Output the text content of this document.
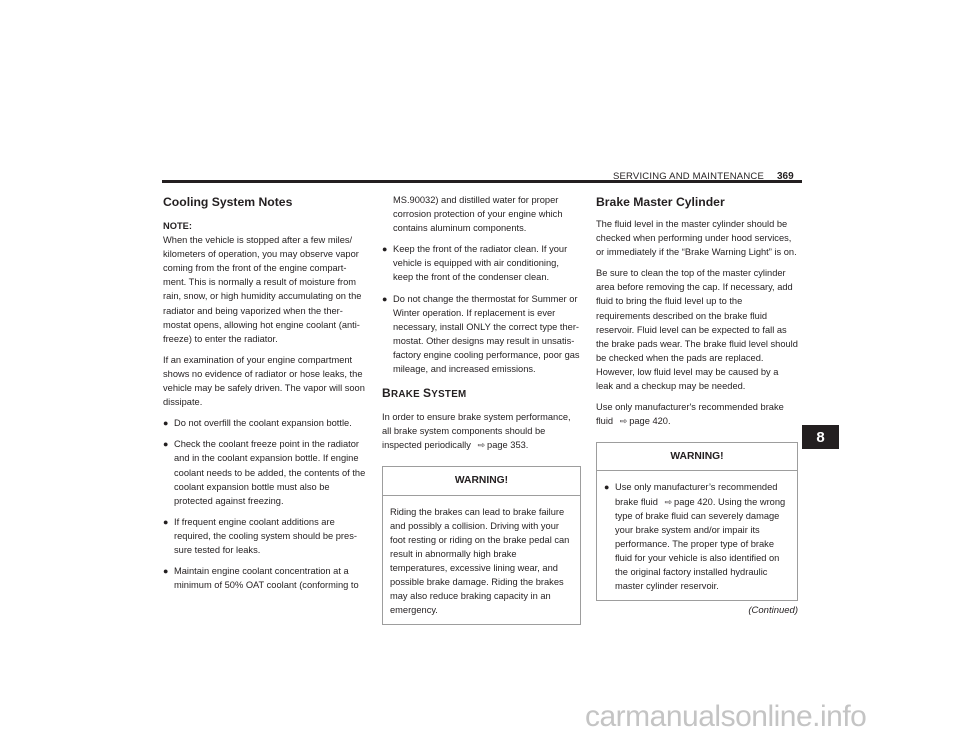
SERVICING AND MAINTENANCE 369
8
Cooling System Notes
NOTE:

When the vehicle is stopped after a few miles/ kilometers of operation, you may observe vapor coming from the front of the engine compart-ment. This is normally a result of moisture from rain, snow, or high humidity accumulating on the radiator and being vaporized when the ther-mostat opens, allowing hot engine coolant (anti-freeze) to enter the radiator.

If an examination of your engine compartment shows no evidence of radiator or hose leaks, the vehicle may be safely driven. The vapor will soon dissipate.

● Do not overfill the coolant expansion bottle.
● Check the coolant freeze point in the radiator and in the coolant expansion bottle. If engine coolant needs to be added, the contents of the coolant expansion bottle must also be protected against freezing.
● If frequent engine coolant additions are required, the cooling system should be pres-sure tested for leaks.
● Maintain engine coolant concentration at a minimum of 50% OAT coolant (conforming to
MS.90032) and distilled water for proper corrosion protection of your engine which contains aluminum components.
● Keep the front of the radiator clean. If your vehicle is equipped with air conditioning, keep the front of the condenser clean.
● Do not change the thermostat for Summer or Winter operation. If replacement is ever necessary, install ONLY the correct type ther-mostat. Other designs may result in unsatis-factory engine cooling performance, poor gas mileage, and increased emissions.
BRAKE SYSTEM

In order to ensure brake system performance, all brake system components should be inspected periodically ⇨ page 353.

WARNING!
Riding the brakes can lead to brake failure and possibly a collision. Driving with your foot resting or riding on the brake pedal can result in abnormally high brake temperatures, excessive lining wear, and possible brake damage. Riding the brakes may also reduce braking capacity in an emergency.
Brake Master Cylinder

The fluid level in the master cylinder should be checked when performing under hood services, or immediately if the “Brake Warning Light” is on.

Be sure to clean the top of the master cylinder area before removing the cap. If necessary, add fluid to bring the fluid level up to the requirements described on the brake fluid reservoir. Fluid level can be expected to fall as the brake pads wear. The brake fluid level should be checked when the pads are replaced. However, low fluid level may be caused by a leak and a checkup may be needed.

Use only manufacturer's recommended brake fluid ⇨ page 420.

WARNING!
● Use only manufacturer’s recommended brake fluid ⇨ page 420. Using the wrong type of brake fluid can severely damage your brake system and/or impair its performance. The proper type of brake fluid for your vehicle is also identified on the original factory installed hydraulic master cylinder reservoir.
(Continued)
carmanualsonline.info
